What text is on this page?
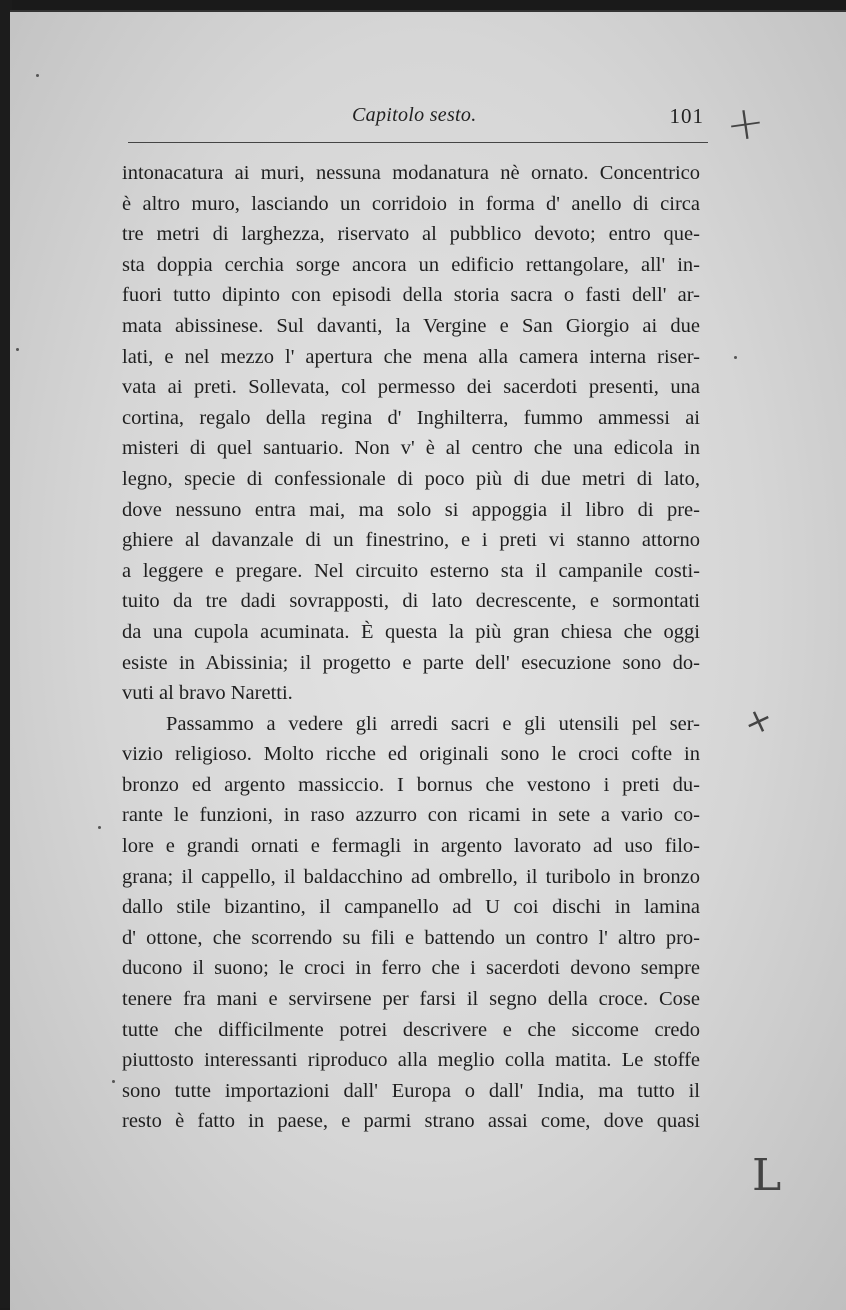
Capitolo sesto.	101 +
⨯
L
intonacatura ai muri, nessuna modanatura nè ornato. Concentrico
è altro muro, lasciando un corridoio in forma d' anello di circa
tre metri di larghezza, riservato al pubblico devoto; entro que-
sta doppia cerchia sorge ancora un edificio rettangolare, all' in-
fuori tutto dipinto con episodi della storia sacra o fasti dell' ar-
mata abissinese. Sul davanti, la Vergine e San Giorgio ai due
lati, e nel mezzo l' apertura che mena alla camera interna riser-
vata ai preti. Sollevata, col permesso dei sacerdoti presenti, una
cortina, regalo della regina d' Inghilterra, fummo ammessi ai
misteri di quel santuario. Non v' è al centro che una edicola in
legno, specie di confessionale di poco più di due metri di lato,
dove nessuno entra mai, ma solo si appoggia il libro di pre-
ghiere al davanzale di un finestrino, e i preti vi stanno attorno
a leggere e pregare. Nel circuito esterno sta il campanile costi-
tuito da tre dadi sovrapposti, di lato decrescente, e sormontati
da una cupola acuminata. È questa la più gran chiesa che oggi
esiste in Abissinia; il progetto e parte dell' esecuzione sono do-
vuti al bravo Naretti.
Passammo a vedere gli arredi sacri e gli utensili pel ser-
vizio religioso. Molto ricche ed originali sono le croci cofte in
bronzo ed argento massiccio. I bornus che vestono i preti du-
rante le funzioni, in raso azzurro con ricami in sete a vario co-
lore e grandi ornati e fermagli in argento lavorato ad uso filo-
grana; il cappello, il baldacchino ad ombrello, il turibolo in bronzo
dallo stile bizantino, il campanello ad U coi dischi in lamina
d' ottone, che scorrendo su fili e battendo un contro l' altro pro-
ducono il suono; le croci in ferro che i sacerdoti devono sempre
tenere fra mani e servirsene per farsi il segno della croce. Cose
tutte che difficilmente potrei descrivere e che siccome credo
piuttosto interessanti riproduco alla meglio colla matita. Le stoffe
sono tutte importazioni dall' Europa o dall' India, ma tutto il
resto è fatto in paese, e parmi strano assai come, dove quasi
